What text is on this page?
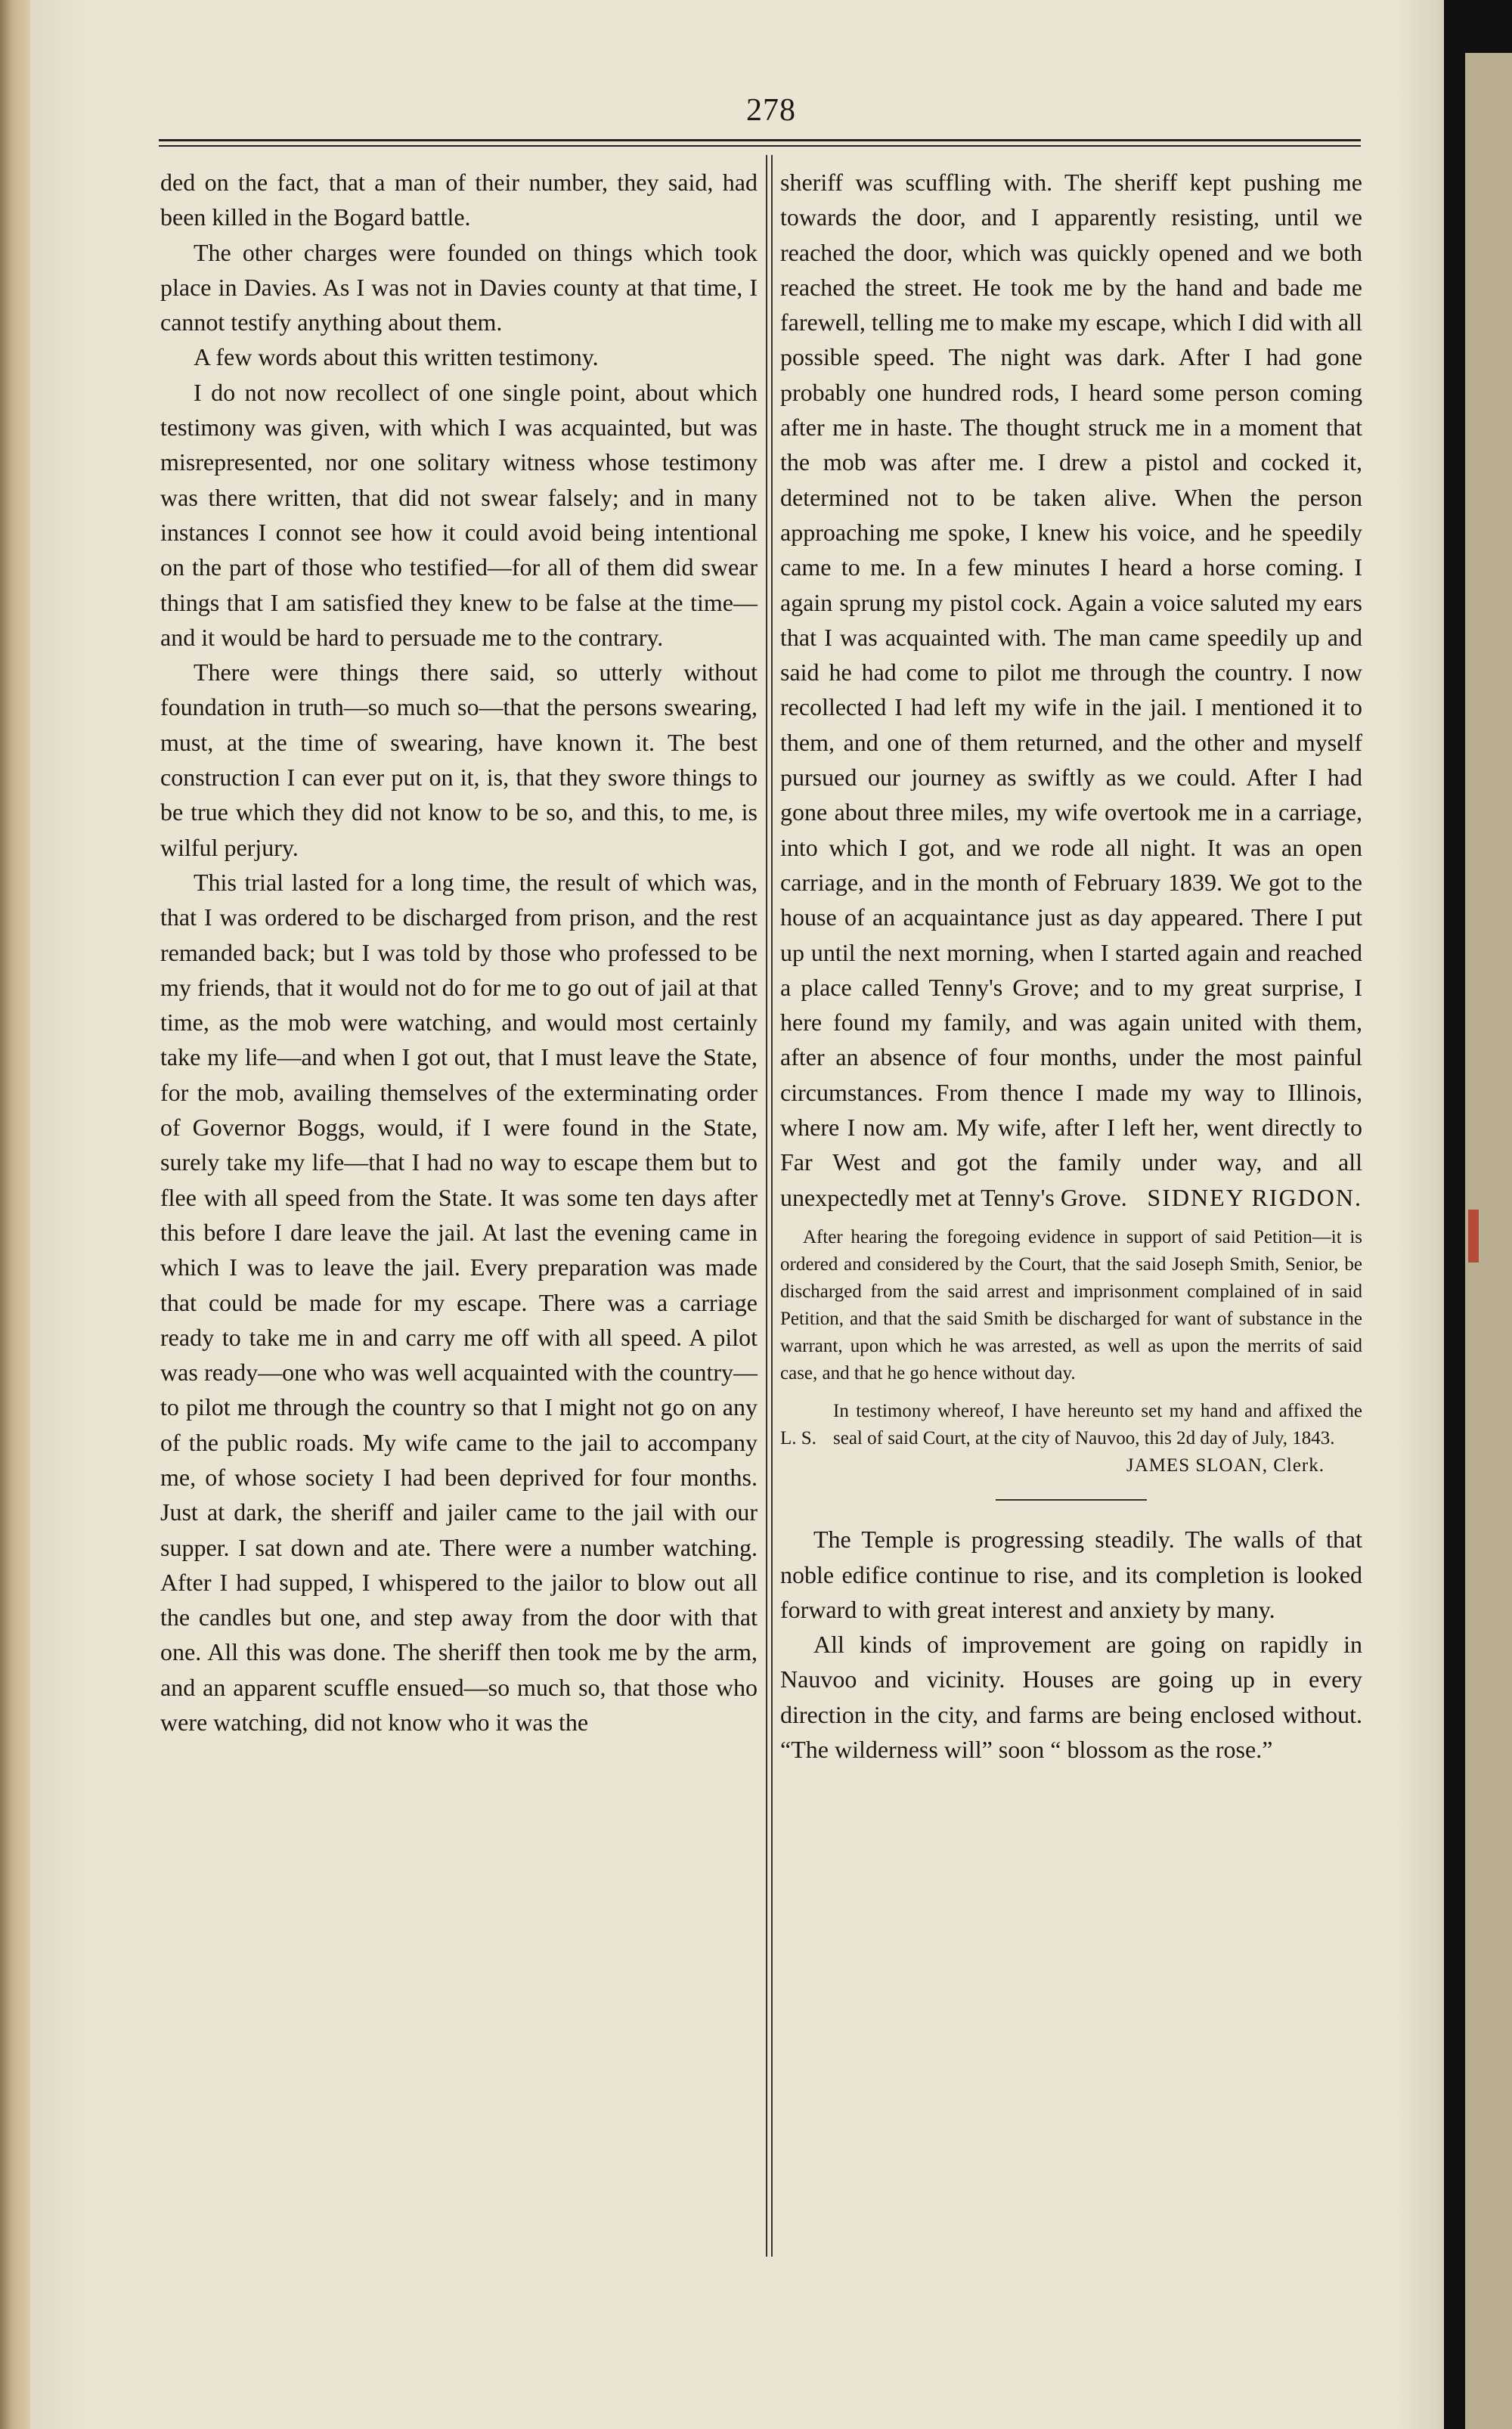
278

ded on the fact, that a man of their number, they said, had been killed in the Bogard battle.

The other charges were founded on things which took place in Davies. As I was not in Davies county at that time, I cannot testify anything about them.

A few words about this written testimony.

I do not now recollect of one single point, about which testimony was given, with which I was acquainted, but was misrepresented, nor one solitary witness whose testimony was there written, that did not swear falsely; and in many instances I connot see how it could avoid being intentional on the part of those who testified—for all of them did swear things that I am satisfied they knew to be false at the time—and it would be hard to persuade me to the contrary.

There were things there said, so utterly without foundation in truth—so much so—that the persons swearing, must, at the time of swearing, have known it. The best construction I can ever put on it, is, that they swore things to be true which they did not know to be so, and this, to me, is wilful perjury.

This trial lasted for a long time, the result of which was, that I was ordered to be discharged from prison, and the rest remanded back; but I was told by those who professed to be my friends, that it would not do for me to go out of jail at that time, as the mob were watching, and would most certainly take my life—and when I got out, that I must leave the State, for the mob, availing themselves of the exterminating order of Governor Boggs, would, if I were found in the State, surely take my life—that I had no way to escape them but to flee with all speed from the State. It was some ten days after this before I dare leave the jail. At last the evening came in which I was to leave the jail. Every preparation was made that could be made for my escape. There was a carriage ready to take me in and carry me off with all speed. A pilot was ready—one who was well acquainted with the country—to pilot me through the country so that I might not go on any of the public roads. My wife came to the jail to accompany me, of whose society I had been deprived for four months. Just at dark, the sheriff and jailer came to the jail with our supper. I sat down and ate. There were a number watching. After I had supped, I whispered to the jailor to blow out all the candles but one, and step away from the door with that one. All this was done. The sheriff then took me by the arm, and an apparent scuffle ensued—so much so, that those who were watching, did not know who it was the

sheriff was scuffling with. The sheriff kept pushing me towards the door, and I apparently resisting, until we reached the door, which was quickly opened and we both reached the street. He took me by the hand and bade me farewell, telling me to make my escape, which I did with all possible speed. The night was dark. After I had gone probably one hundred rods, I heard some person coming after me in haste. The thought struck me in a moment that the mob was after me. I drew a pistol and cocked it, determined not to be taken alive. When the person approaching me spoke, I knew his voice, and he speedily came to me. In a few minutes I heard a horse coming. I again sprung my pistol cock. Again a voice saluted my ears that I was acquainted with. The man came speedily up and said he had come to pilot me through the country. I now recollected I had left my wife in the jail. I mentioned it to them, and one of them returned, and the other and myself pursued our journey as swiftly as we could. After I had gone about three miles, my wife overtook me in a carriage, into which I got, and we rode all night. It was an open carriage, and in the month of February 1839. We got to the house of an acquaintance just as day appeared. There I put up until the next morning, when I started again and reached a place called Tenny's Grove; and to my great surprise, I here found my family, and was again united with them, after an absence of four months, under the most painful circumstances. From thence I made my way to Illinois, where I now am. My wife, after I left her, went directly to Far West and got the family under way, and all unexpectedly met at Tenny's Grove. SIDNEY RIGDON.

After hearing the foregoing evidence in support of said Petition—it is ordered and considered by the Court, that the said Joseph Smith, Senior, be discharged from the said arrest and imprisonment complained of in said Petition, and that the said Smith be discharged for want of substance in the warrant, upon which he was arrested, as well as upon the merrits of said case, and that he go hence without day.

L. S.
In testimony whereof, I have hereunto set my hand and affixed the seal of said Court, at the city of Nauvoo, this 2d day of July, 1843.
JAMES SLOAN, Clerk.

The Temple is progressing steadily. The walls of that noble edifice continue to rise, and its completion is looked forward to with great interest and anxiety by many.

All kinds of improvement are going on rapidly in Nauvoo and vicinity. Houses are going up in every direction in the city, and farms are being enclosed without. “The wilderness will” soon “ blossom as the rose.”
